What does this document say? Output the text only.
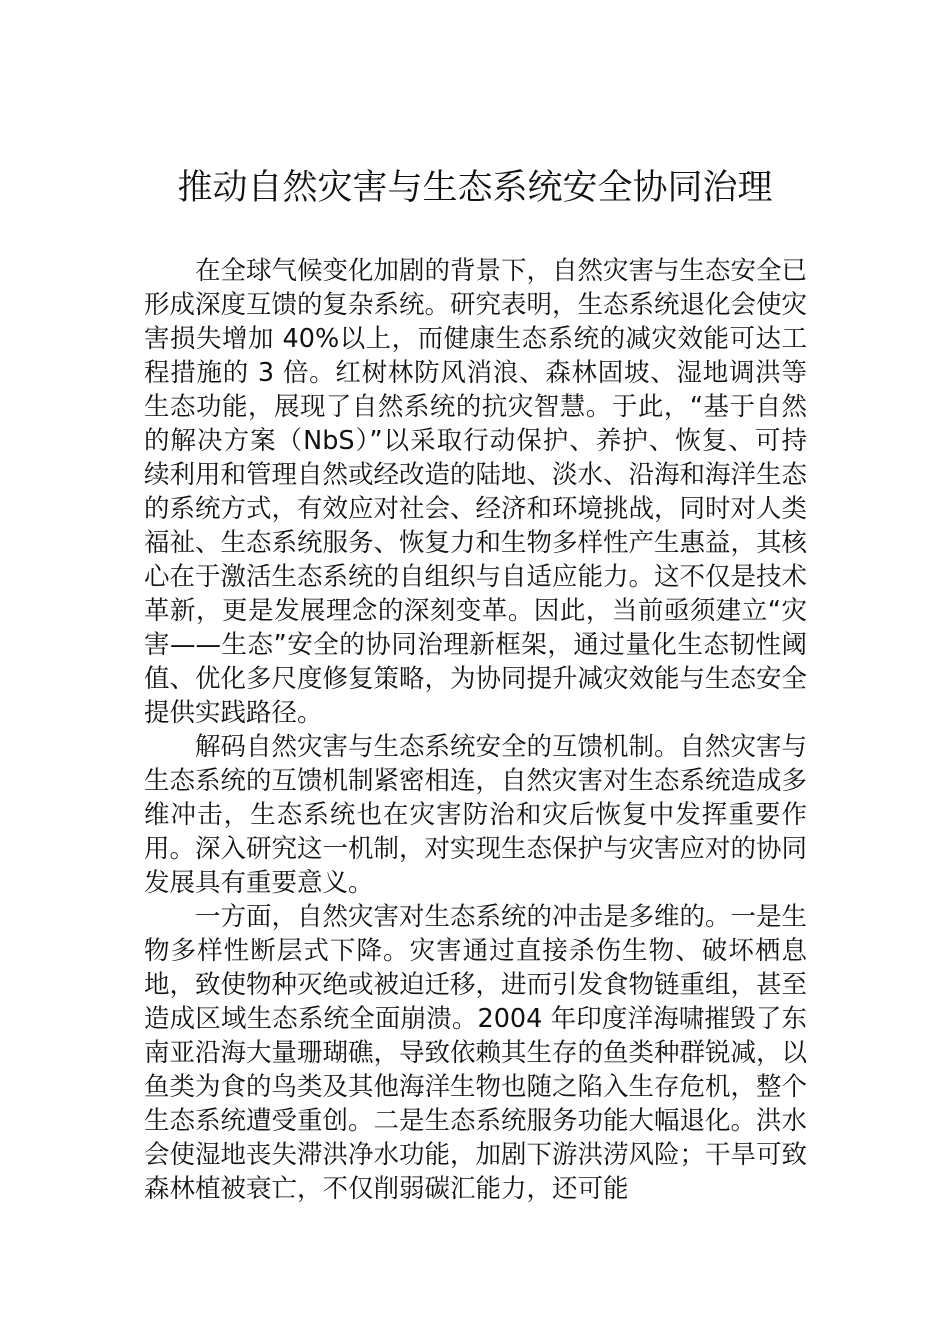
推动自然灾害与生态系统安全协同治理

在全球气候变化加剧的背景下，自然灾害与生态安全已形成深度互馈的复杂系统。研究表明，生态系统退化会使灾害损失增加 40%以上，而健康生态系统的减灾效能可达工程措施的 3 倍。红树林防风消浪、森林固坡、湿地调洪等生态功能，展现了自然系统的抗灾智慧。于此，“基于自然的解决方案（NbS）”以采取行动保护、养护、恢复、可持续利用和管理自然或经改造的陆地、淡水、沿海和海洋生态的系统方式，有效应对社会、经济和环境挑战，同时对人类福祉、生态系统服务、恢复力和生物多样性产生惠益，其核心在于激活生态系统的自组织与自适应能力。这不仅是技术革新，更是发展理念的深刻变革。因此，当前亟须建立“灾害——生态”安全的协同治理新框架，通过量化生态韧性阈值、优化多尺度修复策略，为协同提升减灾效能与生态安全提供实践路径。

解码自然灾害与生态系统安全的互馈机制。自然灾害与生态系统的互馈机制紧密相连，自然灾害对生态系统造成多维冲击，生态系统也在灾害防治和灾后恢复中发挥重要作用。深入研究这一机制，对实现生态保护与灾害应对的协同发展具有重要意义。

一方面，自然灾害对生态系统的冲击是多维的。一是生物多样性断层式下降。灾害通过直接杀伤生物、破坏栖息地，致使物种灭绝或被迫迁移，进而引发食物链重组，甚至造成区域生态系统全面崩溃。2004 年印度洋海啸摧毁了东南亚沿海大量珊瑚礁，导致依赖其生存的鱼类种群锐减，以鱼类为食的鸟类及其他海洋生物也随之陷入生存危机，整个生态系统遭受重创。二是生态系统服务功能大幅退化。洪水会使湿地丧失滞洪净水功能，加剧下游洪涝风险；干旱可致森林植被衰亡，不仅削弱碳汇能力，还可能
